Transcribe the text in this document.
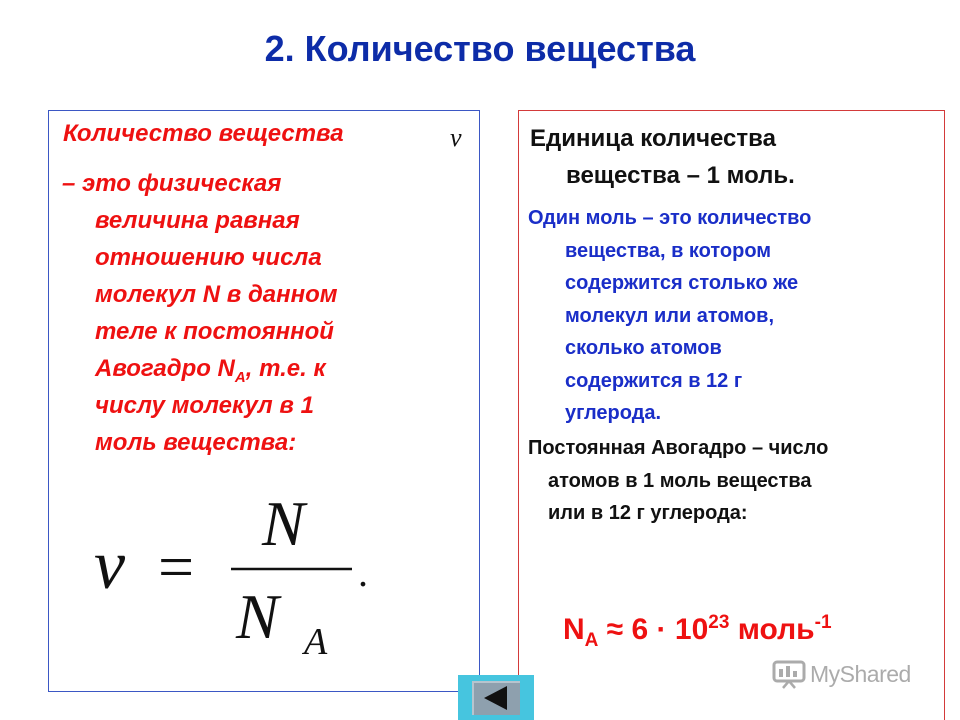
2. Количество вещества
Количество вещества	ν
– это физическая
величина равная
отношению числа
молекул N в данном
теле к постоянной
Авогадро $N_A$, т.е. к
числу молекул в 1
моль вещества:
ν =
N
N A
.
Единица количества
вещества – 1 моль.
Один моль – это количество
вещества, в котором
содержится столько же
молекул или атомов,
сколько атомов
содержится в 12 г
углерода.
Постоянная Авогадро – число
атомов в 1 моль вещества
или в 12 г углерода:
$N_A \approx 6 \cdot 10^{23}$ моль$^{-1}$
MyShared
